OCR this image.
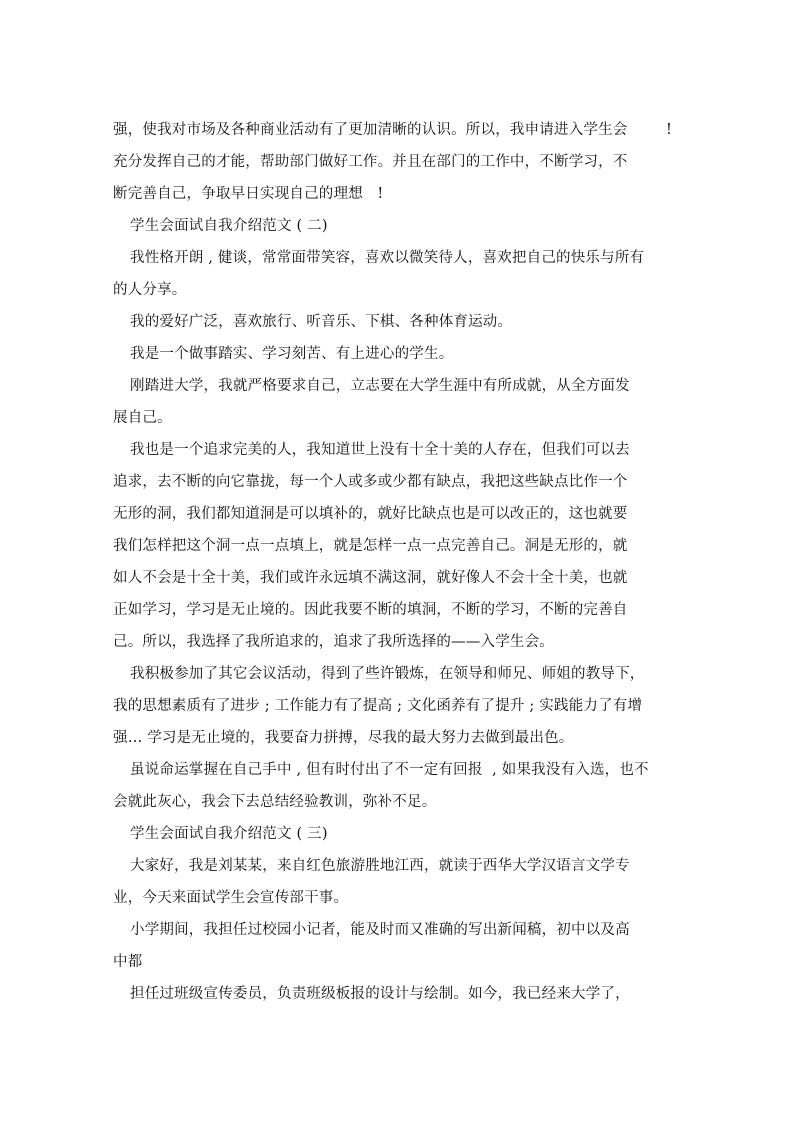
强，使我对市场及各种商业活动有了更加清晰的认识。所以，我申请进入学生会        !
充分发挥自己的才能，帮助部门做好工作。并且在部门的工作中，不断学习，不
断完善自己，争取早日实现自己的理想   !
学生会面试自我介绍范文 ( 二)
我性格开朗 , 健谈，常常面带笑容，喜欢以微笑待人，喜欢把自己的快乐与所有
的人分享。
我的爱好广泛，喜欢旅行、听音乐、下棋、各种体育运动。
我是一个做事踏实、学习刻苦、有上进心的学生。
刚踏进大学，我就严格要求自己，立志要在大学生涯中有所成就，从全方面发
展自己。
我也是一个追求完美的人，我知道世上没有十全十美的人存在，但我们可以去
追求，去不断的向它靠拢，每一个人或多或少都有缺点，我把这些缺点比作一个
无形的洞，我们都知道洞是可以填补的，就好比缺点也是可以改正的，这也就要
我们怎样把这个洞一点一点填上，就是怎样一点一点完善自己。洞是无形的，就
如人不会是十全十美，我们或许永远填不满这洞，就好像人不会十全十美，也就
正如学习，学习是无止境的。因此我要不断的填洞，不断的学习，不断的完善自
己。所以，我选择了我所追求的，追求了我所选择的——入学生会。
我积极参加了其它会议活动，得到了些许锻炼，在领导和师兄、师姐的教导下，
我的思想素质有了进步 ; 工作能力有了提高 ; 文化函养有了提升 ; 实践能力了有增
强… 学习是无止境的，我要奋力拼搏，尽我的最大努力去做到最出色。
虽说命运掌握在自己手中 , 但有时付出了不一定有回报  , 如果我没有入选，也不
会就此灰心，我会下去总结经验教训，弥补不足。
学生会面试自我介绍范文 ( 三)
大家好，我是刘某某，来自红色旅游胜地江西，就读于西华大学汉语言文学专
业，今天来面试学生会宣传部干事。
小学期间，我担任过校园小记者，能及时而又准确的写出新闻稿，初中以及高
中都
担任过班级宣传委员，负责班级板报的设计与绘制。如今，我已经来大学了，
